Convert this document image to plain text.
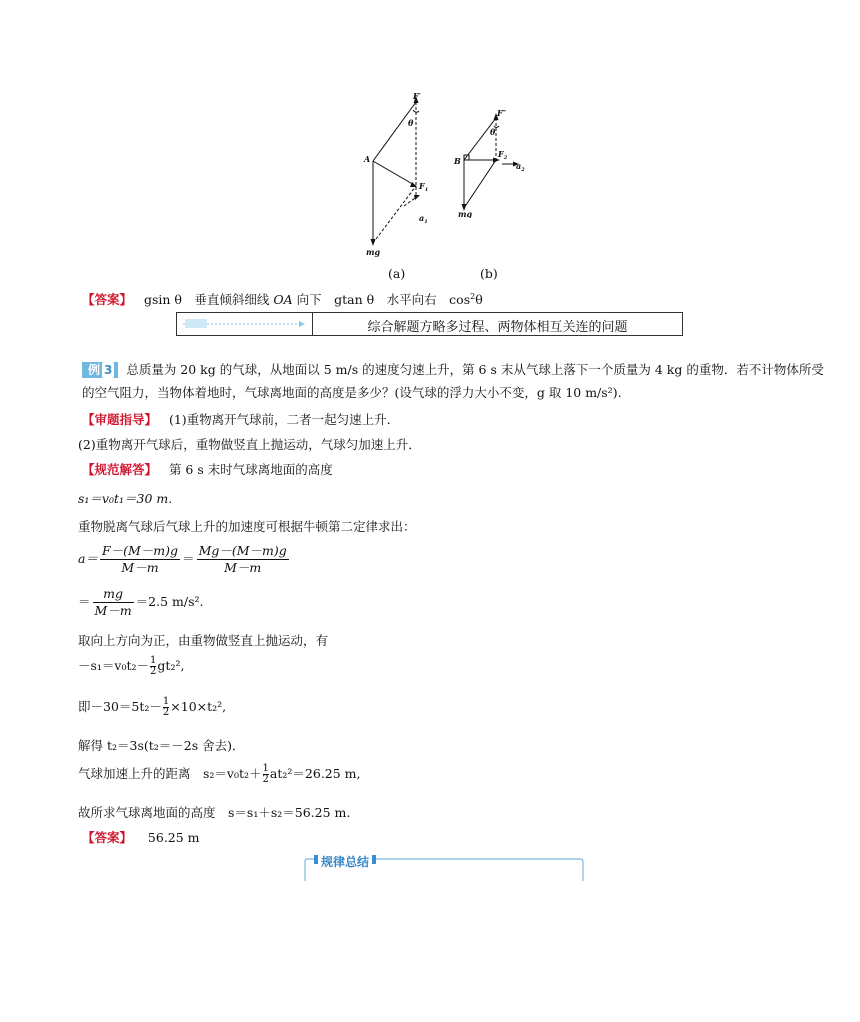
F′
θ
A
$F_1$
$a_1$
mg
F″
θ
B
$F_2$
$a_2$
mg
(a)	(b)
【答案】 gsin θ　垂直倾斜细线 OA 向下　gtan θ　水平向右　$\cos^2\theta$
综合解题方略多过程、两物体相互关连的问题
例 3 总质量为 20 kg 的气球，从地面以 5 m/s 的速度匀速上升，第 6 s 末从气球上落下一个质量为 4 kg 的重物．若不计物体所受
的空气阻力，当物体着地时，气球离地面的高度是多少？(设气球的浮力大小不变，g 取 10 m/s²).
【审题指导】 (1)重物离开气球前，二者一起匀速上升．
(2)重物离开气球后，重物做竖直上抛运动，气球匀加速上升．
【规范解答】 第 6 s 末时气球离地面的高度
s₁＝v₀t₁＝30 m.
重物脱离气球后气球上升的加速度可根据牛顿第二定律求出：
$a= \frac{F-(M-m)g}{M-m} = \frac{Mg-(M-m)g}{M-m}$
＝ $\frac{mg}{M-m} =2.5$ m/s².
取向上方向为正，由重物做竖直上抛运动，有
$-s_1=v_0t_2- \frac{1}{2} gt_2^2$,
即$-30=5t_2- \frac{1}{2} \times 10\times t_2^2$,
解得 t₂＝3s(t₂＝－2s 舍去)．
气球加速上升的距离　$s_2=v_0t_2+ \frac{1}{2} at_2^2=26.25$ m,
故所求气球离地面的高度　s＝s₁＋s₂＝56.25 m.
【答案】 56.25 m
规律总结
